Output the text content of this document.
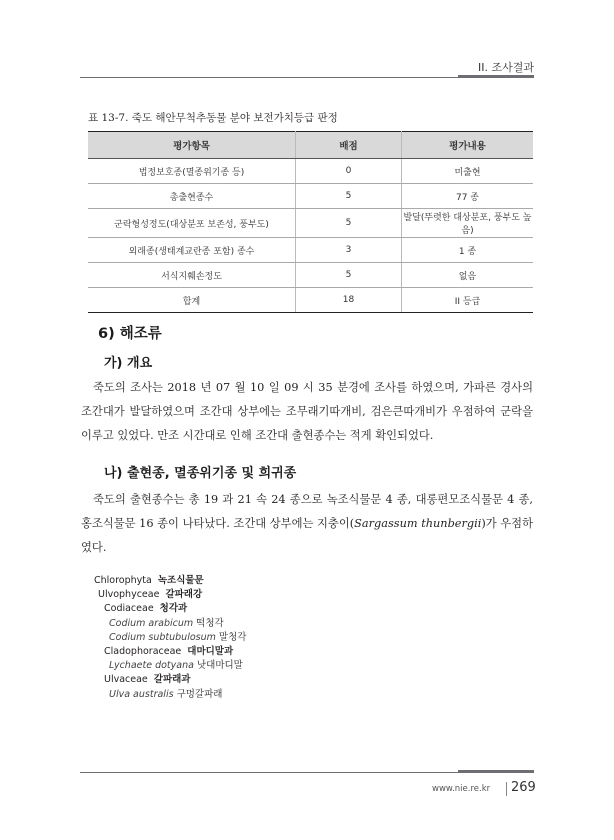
II. 조사결과
표 13-7. 죽도 해안무척추동물 분야 보전가치등급 판정
평가항목	배점	평가내용
법정보호종(멸종위기종 등)	0	미출현
총출현종수	5	77 종
군락형성정도(대상분포 보존성, 풍부도)	5	발달(뚜렷한 대상분포, 풍부도 높음)
외래종(생태계교란종 포함) 종수	3	1 종
서식지훼손정도	5	없음
합계	18	II 등급
6) 해조류
가) 개요
죽도의 조사는 2018 년 07 월 10 일 09 시 35 분경에 조사를 하였으며, 가파른 경사의 조간대가 발달하였으며 조간대 상부에는 조무래기따개비, 검은큰따개비가 우점하여 군락을 이루고 있었다. 만조 시간대로 인해 조간대 출현종수는 적게 확인되었다.
나) 출현종, 멸종위기종 및 희귀종
죽도의 출현종수는 총 19 과 21 속 24 종으로 녹조식물문 4 종, 대롱편모조식물문 4 종, 홍조식물문 16 종이 나타났다. 조간대 상부에는 지충이(Sargassum thunbergii)가 우점하였다.
Chlorophyta 녹조식물문
Ulvophyceae 갈파래강
Codiaceae 청각과
Codium arabicum 떡청각
Codium subtubulosum 말청각
Cladophoraceae 대마디말과
Lychaete dotyana 낫대마디말
Ulvaceae 갈파래과
Ulva australis 구멍갈파래
www.nie.re.kr 269
